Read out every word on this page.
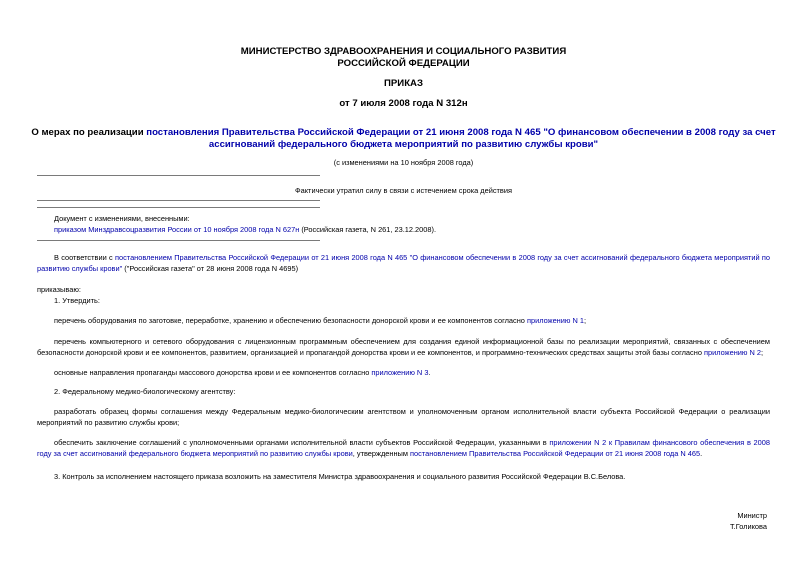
МИНИСТЕРСТВО ЗДРАВООХРАНЕНИЯ И СОЦИАЛЬНОГО РАЗВИТИЯ
РОССИЙСКОЙ ФЕДЕРАЦИИ
ПРИКАЗ
от 7 июля 2008 года N 312н
О мерах по реализации постановления Правительства Российской Федерации от 21 июня 2008 года N 465 "О финансовом обеспечении в 2008 году за счет
ассигнований федерального бюджета мероприятий по развитию службы крови"
(с изменениями на 10 ноября 2008 года)
Фактически утратил силу в связи с истечением срока действия
Документ с изменениями, внесенными:
приказом Минздравсоцразвития России от 10 ноября 2008 года N 627н (Российская газета, N 261, 23.12.2008).
В соответствии с постановлением Правительства Российской Федерации от 21 июня 2008 года N 465 "О финансовом обеспечении в 2008 году за счет ассигнований федерального бюджета мероприятий по развитию службы крови" ("Российская газета" от 28 июня 2008 года N 4695)
приказываю:
1. Утвердить:
перечень оборудования по заготовке, переработке, хранению и обеспечению безопасности донорской крови и ее компонентов согласно приложению N 1;
перечень компьютерного и сетевого оборудования с лицензионным программным обеспечением для создания единой информационной базы по реализации мероприятий, связанных с обеспечением безопасности донорской крови и ее компонентов, развитием, организацией и пропагандой донорства крови и ее компонентов, и программно-технических средствах защиты этой базы согласно приложению N 2;
основные направления пропаганды массового донорства крови и ее компонентов согласно приложению N 3.
2. Федеральному медико-биологическому агентству:
разработать образец формы соглашения между Федеральным медико-биологическим агентством и уполномоченным органом исполнительной власти субъекта Российской Федерации о реализации мероприятий по развитию службы крови;
обеспечить заключение соглашений с уполномоченными органами исполнительной власти субъектов Российской Федерации, указанными в приложении N 2 к Правилам финансового обеспечения в 2008 году за счет ассигнований федерального бюджета мероприятий по развитию службы крови, утвержденным постановлением Правительства Российской Федерации от 21 июня 2008 года N 465.
3. Контроль за исполнением настоящего приказа возложить на заместителя Министра здравоохранения и социального развития Российской Федерации В.С.Белова.
Министр
Т.Голикова
